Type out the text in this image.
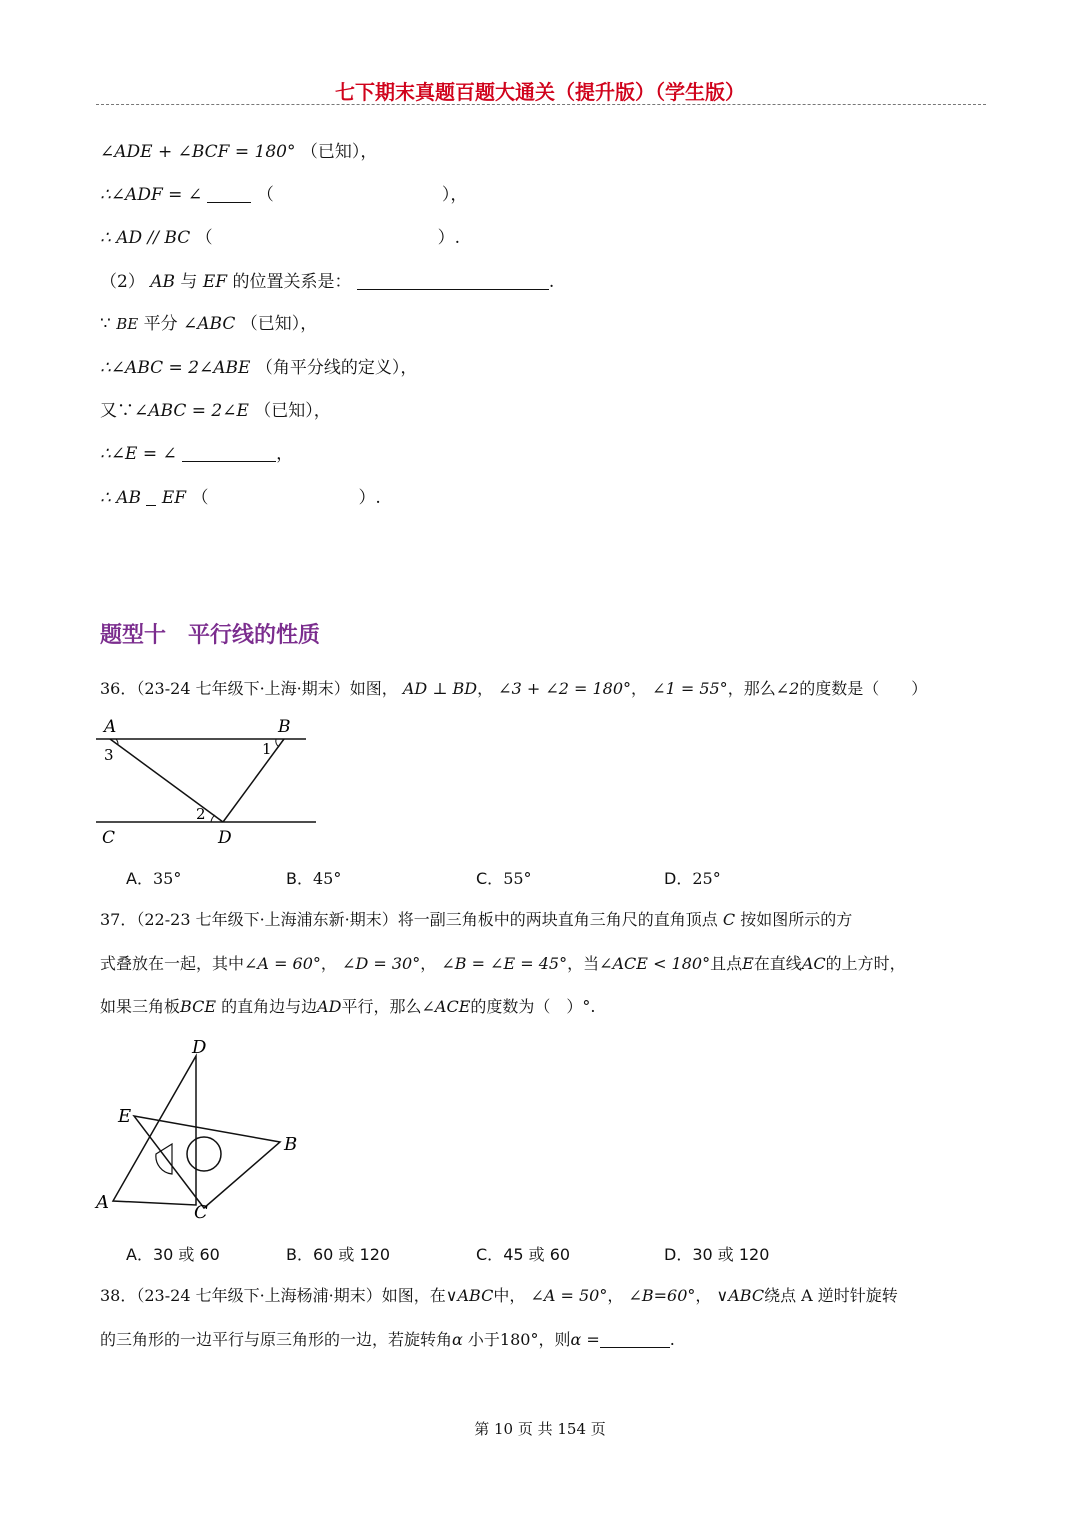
七下期末真题百题大通关（提升版）（学生版）
∠ADE + ∠BCF = 180° （已知），
∴∠ADF = ∠	（	），
∴ AD // BC （	）.
（2） AB 与 EF 的位置关系是：	.
∵ BE 平分 ∠ABC （已知），
∴∠ABC = 2∠ABE （角平分线的定义），
又∵∠ABC = 2∠E （已知），
∴∠E = ∠	，
∴ AB EF （	）.
题型十　平行线的性质
36．（23-24 七年级下·上海·期末）如图， AD ⊥ BD， ∠3 + ∠2 = 180°， ∠1 = 55°，那么∠2的度数是（　　）
A	B
C	D
1
2
3
A．35°	B．45°	C．55°	D．25°
37．（22-23 七年级下·上海浦东新·期末）将一副三角板中的两块直角三角尺的直角顶点 C 按如图所示的方
式叠放在一起，其中∠A = 60°， ∠D = 30°， ∠B = ∠E = 45°，当∠ACE < 180°且点E在直线AC的上方时，
如果三角板BCE 的直角边与边AD平行，那么∠ACE的度数为（　）°.
D
E
B
A	C
A．30 或 60	B．60 或 120	C．45 或 60	D．30 或 120
38．（23-24 七年级下·上海杨浦·期末）如图，在∨ABC中， ∠A = 50°， ∠B=60°， ∨ABC绕点 A 逆时针旋转
的三角形的一边平行与原三角形的一边，若旋转角α 小于180°，则α =	.
第 10 页 共 154 页
